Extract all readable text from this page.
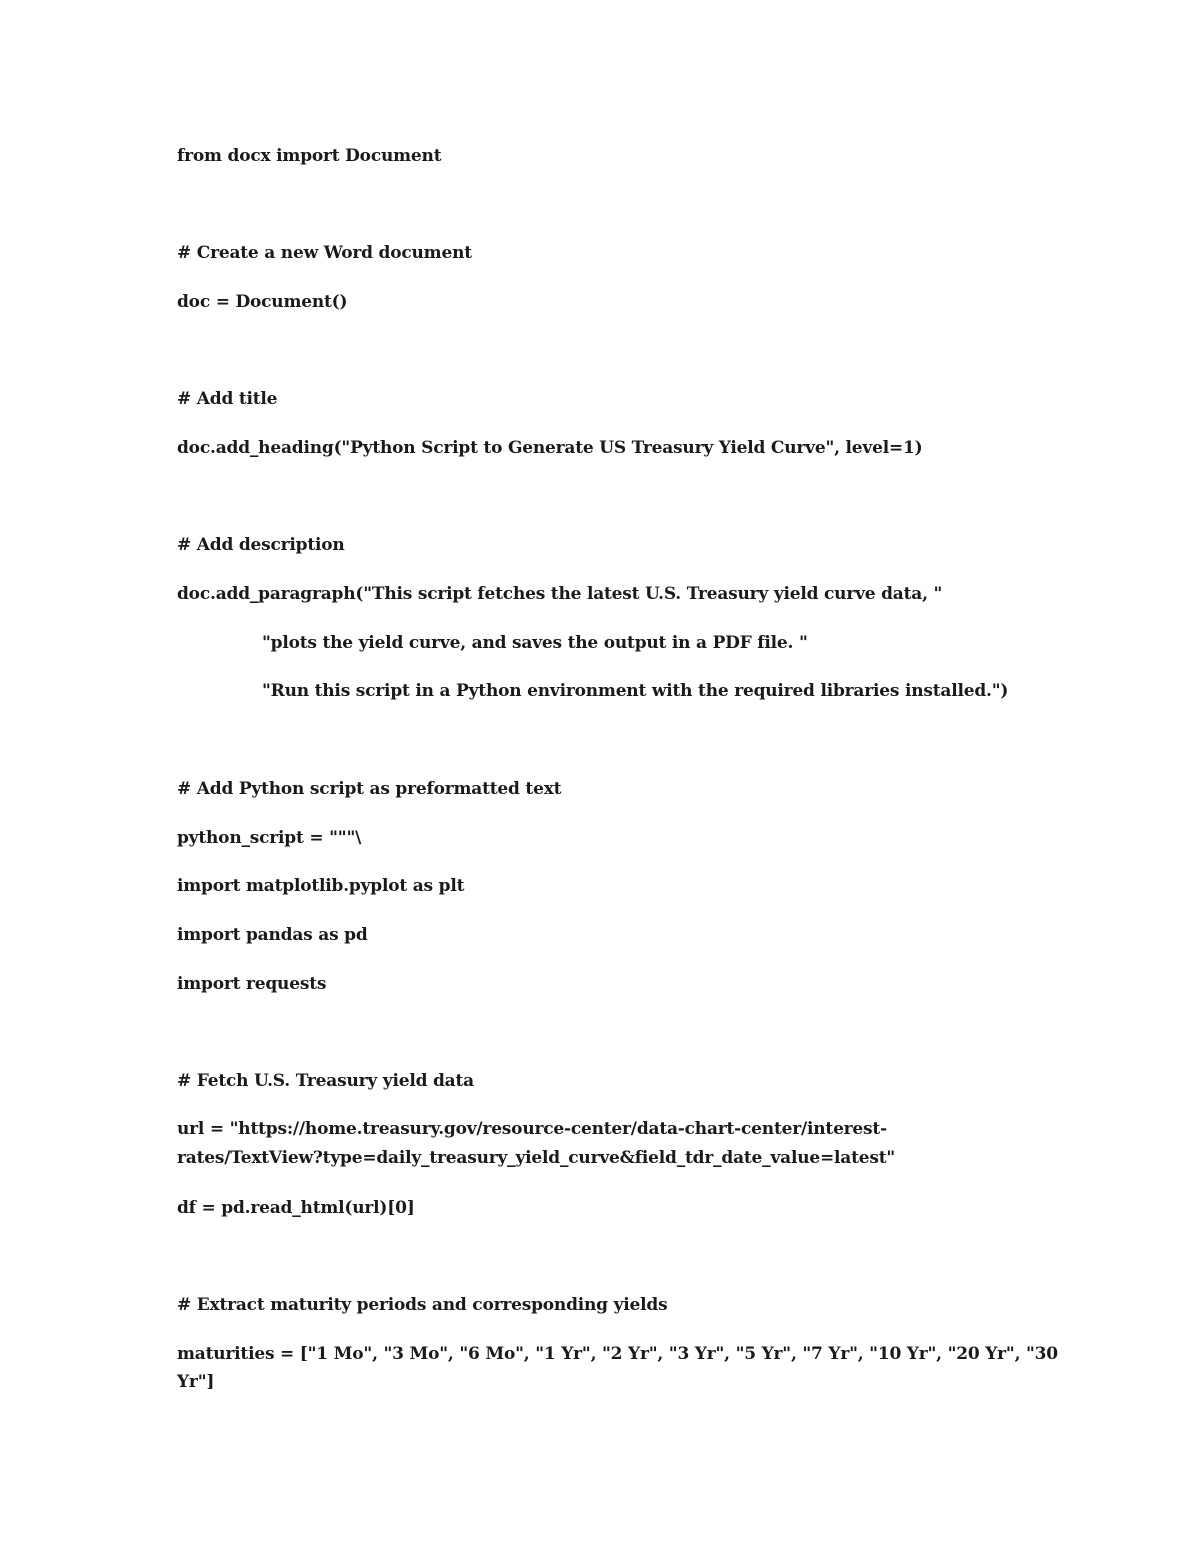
from docx import Document

# Create a new Word document

doc = Document()

# Add title

doc.add_heading("Python Script to Generate US Treasury Yield Curve", level=1)

# Add description

doc.add_paragraph("This script fetches the latest U.S. Treasury yield curve data, "

"plots the yield curve, and saves the output in a PDF file. "

"Run this script in a Python environment with the required libraries installed.")

# Add Python script as preformatted text

python_script = """\

import matplotlib.pyplot as plt

import pandas as pd

import requests

# Fetch U.S. Treasury yield data

url = "https://home.treasury.gov/resource-center/data-chart-center/interest-

rates/TextView?type=daily_treasury_yield_curve&field_tdr_date_value=latest"

df = pd.read_html(url)[0]

# Extract maturity periods and corresponding yields

maturities = ["1 Mo", "3 Mo", "6 Mo", "1 Yr", "2 Yr", "3 Yr", "5 Yr", "7 Yr", "10 Yr", "20 Yr", "30

Yr"]
